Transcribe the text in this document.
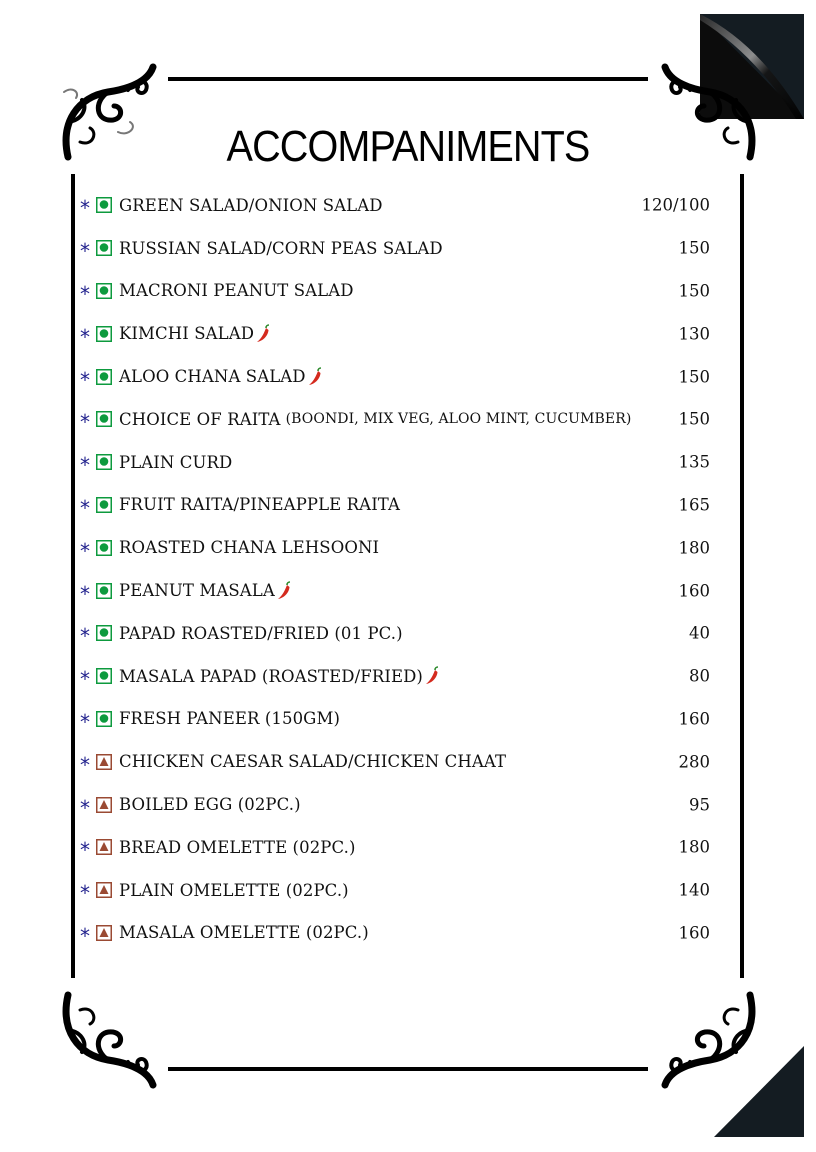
ACCOMPANIMENTS
*	GREEN SALAD/ONION SALAD	120/100
*	RUSSIAN SALAD/CORN PEAS SALAD	150
*	MACRONI PEANUT SALAD	150
*	KIMCHI SALAD	130
*	ALOO CHANA SALAD	150
*	CHOICE OF RAITA (BOONDI, MIX VEG, ALOO MINT, CUCUMBER)	150
*	PLAIN CURD	135
*	FRUIT RAITA/PINEAPPLE RAITA	165
*	ROASTED CHANA LEHSOONI	180
*	PEANUT MASALA	160
*	PAPAD ROASTED/FRIED (01 PC.)	40
*	MASALA PAPAD (ROASTED/FRIED)	80
*	FRESH PANEER (150GM)	160
*	CHICKEN CAESAR SALAD/CHICKEN CHAAT	280
*	BOILED EGG (02PC.)	95
*	BREAD OMELETTE (02PC.)	180
*	PLAIN OMELETTE (02PC.)	140
*	MASALA OMELETTE (02PC.)	160
